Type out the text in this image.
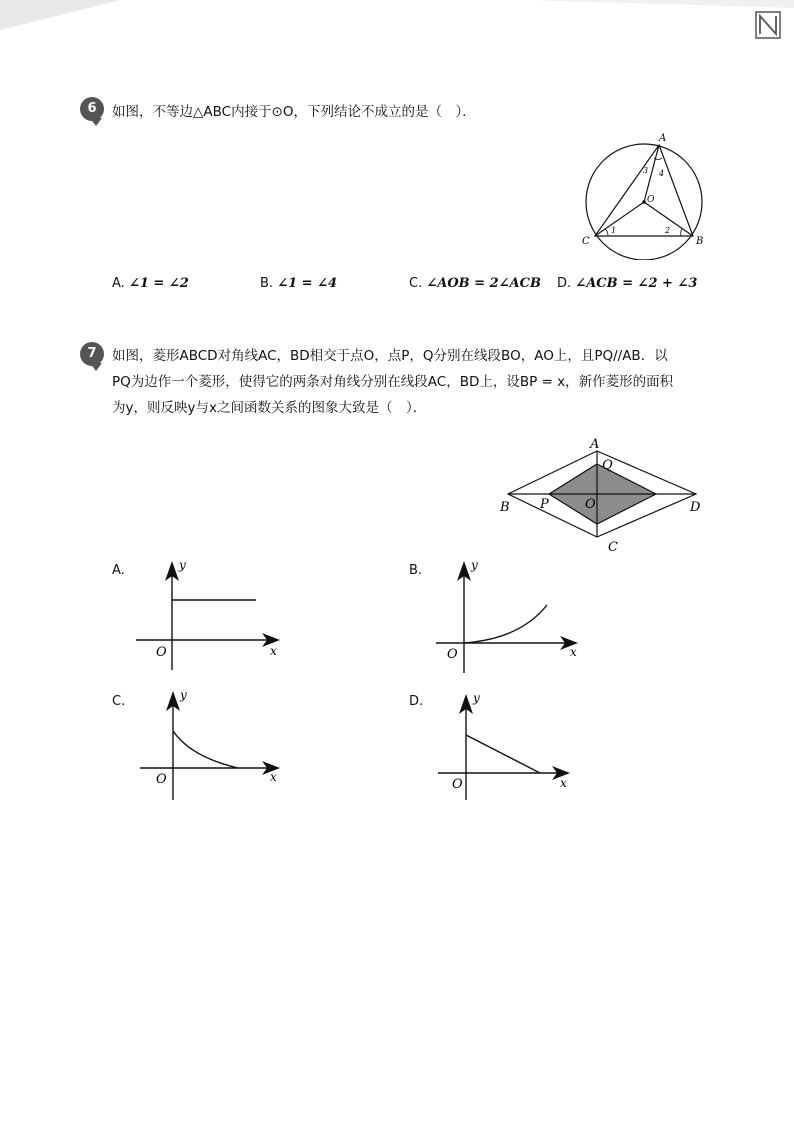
6	如图，不等边△ABC内接于⊙O，下列结论不成立的是（　）．
A
B
C
O
1	2
3 4
A. ∠1 = ∠2	B. ∠1 = ∠4	C. ∠AOB = 2∠ACB D. ∠ACB = ∠2 + ∠3
7	如图，菱形ABCD对角线AC，BD相交于点O，点P，Q分别在线段BO，AO上，且PQ//AB．以
PQ为边作一个菱形，使得它的两条对角线分别在线段AC，BD上，设BP = x，新作菱形的面积
为y，则反映y与x之间函数关系的图象大致是（　）．
A
B
C
D
O
P
Q
A.
O	x
y	B.
O	x
y
C.
O	x
y	D.
O	x
y
